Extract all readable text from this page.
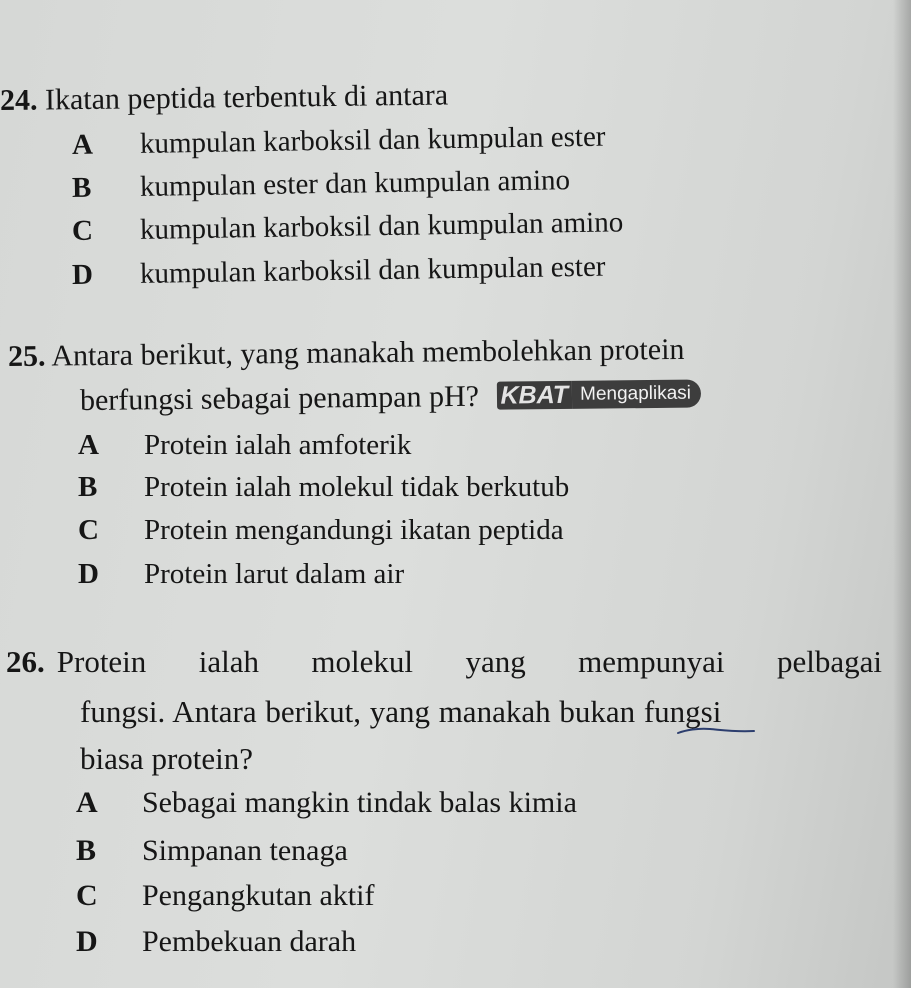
24. Ikatan peptida terbentuk di antara
A kumpulan karboksil dan kumpulan ester
B kumpulan ester dan kumpulan amino
C kumpulan karboksil dan kumpulan amino
D kumpulan karboksil dan kumpulan ester
25. Antara berikut, yang manakah membolehkan protein
berfungsi sebagai penampan pH? KBAT Mengaplikasi
A Protein ialah amfoterik
B Protein ialah molekul tidak berkutub
C Protein mengandungi ikatan peptida
D Protein larut dalam air
26. Protein ialah molekul yang mempunyai pelbagai
fungsi. Antara berikut, yang manakah bukan fungsi
biasa protein?
A Sebagai mangkin tindak balas kimia
B Simpanan tenaga
C Pengangkutan aktif
D Pembekuan darah
